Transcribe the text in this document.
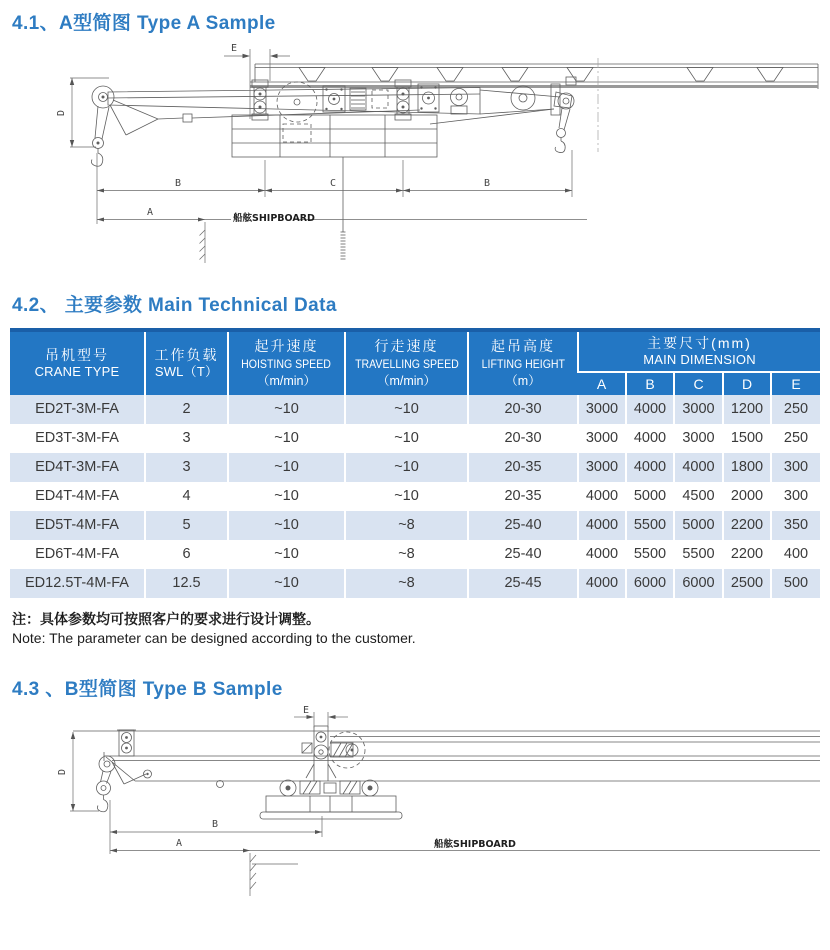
4.1、A型简图 Type A Sample
E
D
B	C	B
A
船舷SHIPBOARD
4.2、 主要参数 Main Technical Data
吊机型号
CRANE TYPE

工作负载
SWL（T）

起升速度
HOISTING SPEED
（m/min）

行走速度
TRAVELLING SPEED
（m/min）

起吊高度
LIFTING HEIGHT
（m）

主要尺寸(mm)
MAIN DIMENSION

					A	B	C	D	E
ED2T-3M-FA	2	~10	~10	20-30	3000	4000	3000	1200	250
ED3T-3M-FA	3	~10	~10	20-30	3000	4000	3000	1500	250
ED4T-3M-FA	3	~10	~10	20-35	3000	4000	4000	1800	300
ED4T-4M-FA	4	~10	~10	20-35	4000	5000	4500	2000	300
ED5T-4M-FA	5	~10	~8	25-40	4000	5500	5000	2200	350
ED6T-4M-FA	6	~10	~8	25-40	4000	5500	5500	2200	400
ED12.5T-4M-FA	12.5	~10	~8	25-45	4000	6000	6000	2500	500
注：具体参数均可按照客户的要求进行设计调整。
Note: The parameter can be designed according to the customer.
4.3 、B型简图 Type B Sample
E
D
B
A	船舷SHIPBOARD
